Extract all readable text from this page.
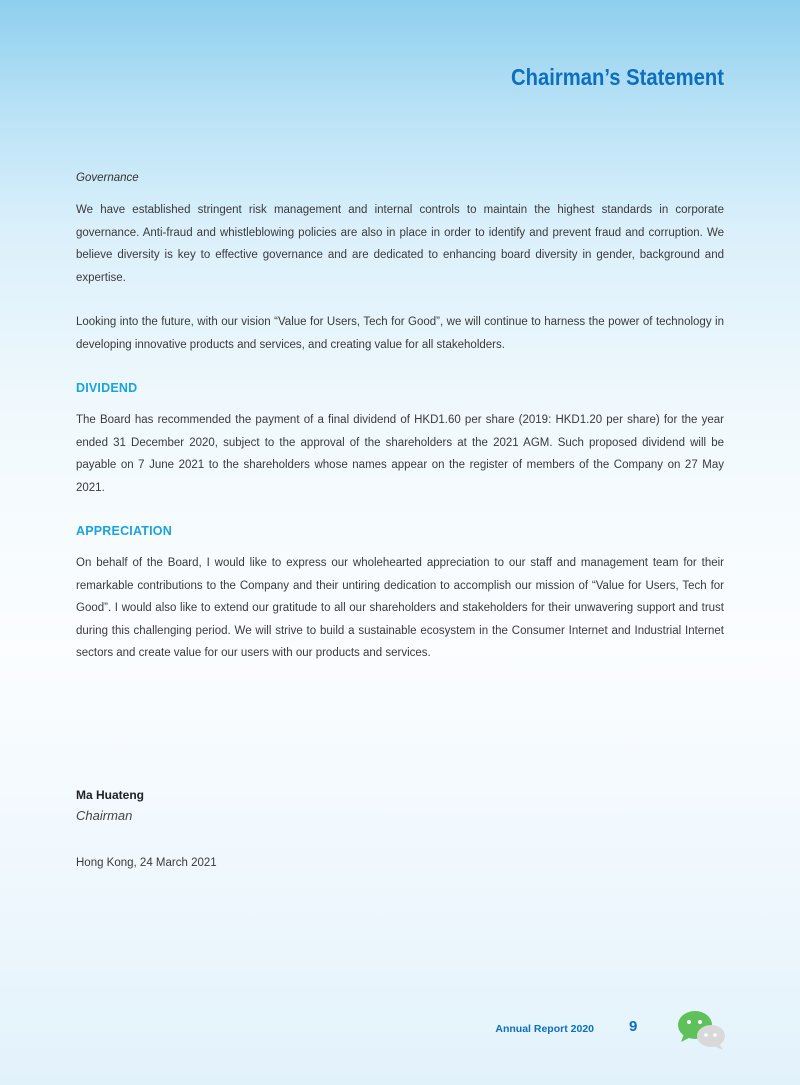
Chairman’s Statement

Governance

We have established stringent risk management and internal controls to maintain the highest standards in corporate governance. Anti-fraud and whistleblowing policies are also in place in order to identify and prevent fraud and corruption. We believe diversity is key to effective governance and are dedicated to enhancing board diversity in gender, background and expertise.

Looking into the future, with our vision “Value for Users, Tech for Good”, we will continue to harness the power of technology in developing innovative products and services, and creating value for all stakeholders.

DIVIDEND

The Board has recommended the payment of a final dividend of HKD1.60 per share (2019: HKD1.20 per share) for the year ended 31 December 2020, subject to the approval of the shareholders at the 2021 AGM. Such proposed dividend will be payable on 7 June 2021 to the shareholders whose names appear on the register of members of the Company on 27 May 2021.

APPRECIATION

On behalf of the Board, I would like to express our wholehearted appreciation to our staff and management team for their remarkable contributions to the Company and their untiring dedication to accomplish our mission of “Value for Users, Tech for Good”. I would also like to extend our gratitude to all our shareholders and stakeholders for their unwavering support and trust during this challenging period. We will strive to build a sustainable ecosystem in the Consumer Internet and Industrial Internet sectors and create value for our users with our products and services.

Ma Huateng
Chairman
Hong Kong, 24 March 2021
Annual Report 2020 9
